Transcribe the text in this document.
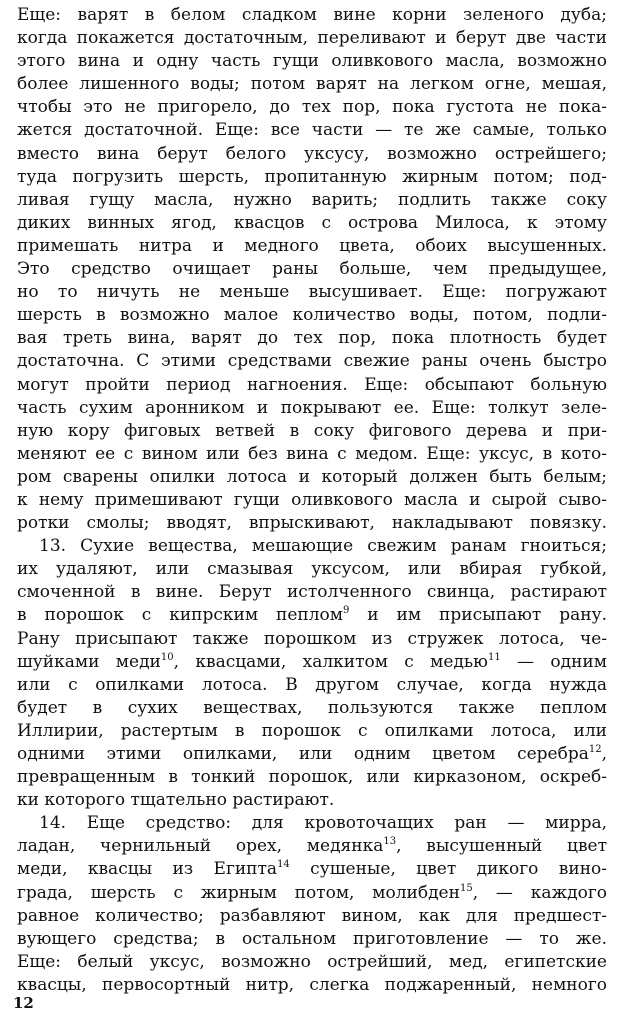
Еще: варят в белом сладком вине корни зеленого дуба;
когда покажется достаточным, переливают и берут две части
этого вина и одну часть гущи оливкового масла, возможно
более лишенного воды; потом варят на легком огне, мешая,
чтобы это не пригорело, до тех пор, пока густота не пока-
жется достаточной. Еще: все части — те же самые, только
вместо вина берут белого уксусу, возможно острейшего;
туда погрузить шерсть, пропитанную жирным потом; под-
ливая гущу масла, нужно варить; подлить также соку
диких винных ягод, квасцов с острова Милоса, к этому
примешать нитра и медного цвета, обоих высушенных.
Это средство очищает раны больше, чем предыдущее,
но то ничуть не меньше высушивает. Еще: погружают
шерсть в возможно малое количество воды, потом, подли-
вая треть вина, варят до тех пор, пока плотность будет
достаточна. С этими средствами свежие раны очень быстро
могут пройти период нагноения. Еще: обсыпают больную
часть сухим аронником и покрывают ее. Еще: толкут зеле-
ную кору фиговых ветвей в соку фигового дерева и при-
меняют ее с вином или без вина с медом. Еще: уксус, в кото-
ром сварены опилки лотоса и который должен быть белым;
к нему примешивают гущи оливкового масла и сырой сыво-
ротки смолы; вводят, впрыскивают, накладывают повязку.
13. Сухие вещества, мешающие свежим ранам гноиться;
их удаляют, или смазывая уксусом, или вбирая губкой,
смоченной в вине. Берут истолченного свинца, растирают
в порошок с кипрским пеплом$^9$ и им присыпают рану.
Рану присыпают также порошком из стружек лотоса, че-
шуйками меди$^{10}$, квасцами, халкитом с медью$^{11}$ — одним
или с опилками лотоса. В другом случае, когда нужда
будет в сухих веществах, пользуются также пеплом
Иллирии, растертым в порошок с опилками лотоса, или
одними этими опилками, или одним цветом серебра$^{12}$,
превращенным в тонкий порошок, или кирказоном, оскреб-
ки которого тщательно растирают.
14. Еще средство: для кровоточащих ран — мирра,
ладан, чернильный орех, медянка$^{13}$, высушенный цвет
меди, квасцы из Египта$^{14}$ сушеные, цвет дикого вино-
града, шерсть с жирным потом, молибден$^{15}$, — каждого
равное количество; разбавляют вином, как для предшест-
вующего средства; в остальном приготовление — то же.
Еще: белый уксус, возможно острейший, мед, египетские
квасцы, первосортный нитр, слегка поджаренный, немного
12
